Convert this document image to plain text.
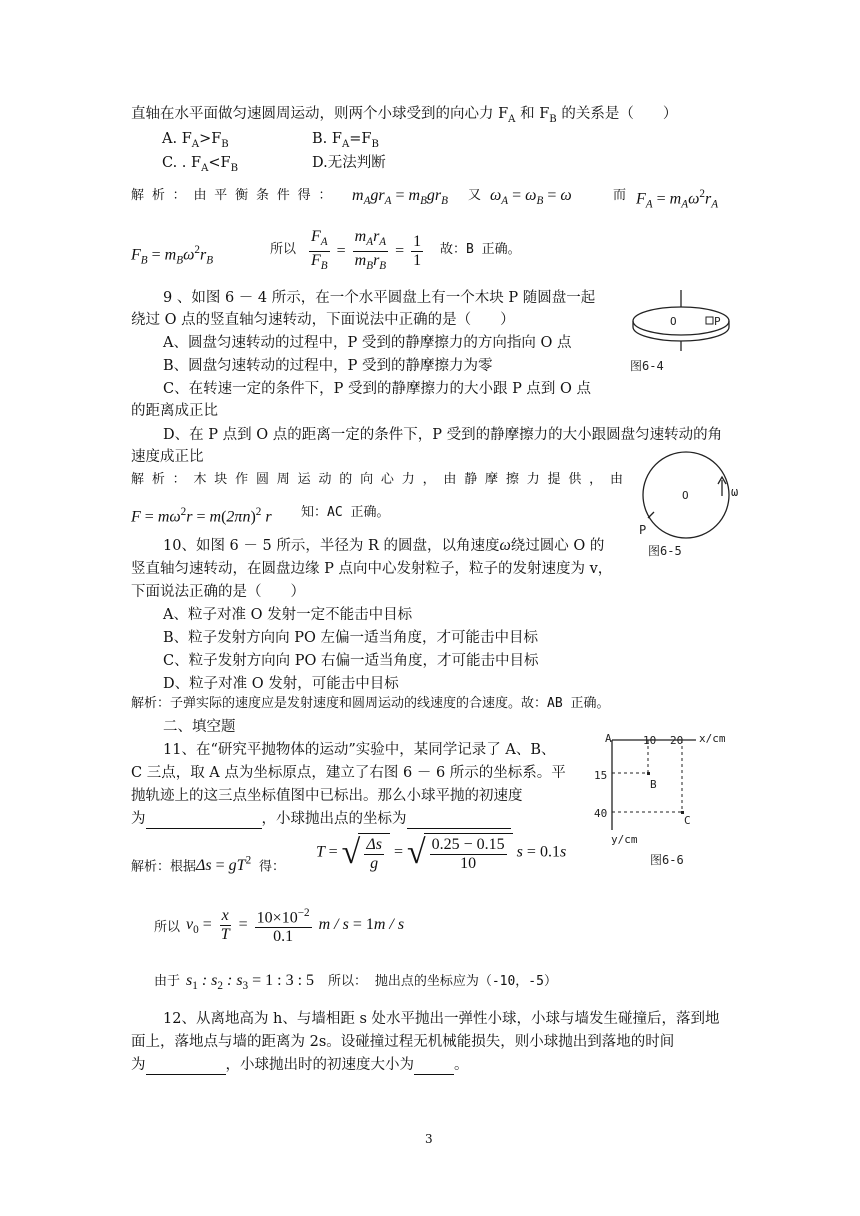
直轴在水平面做匀速圆周运动，则两个小球受到的向心力 $F_A$ 和 $F_B$ 的关系是（　　）
A. $F_A>F_B$	B. $F_A=F_B$
C. . $F_A<F_B$	D.无法判断
解 析 ： 由 平 衡 条 件 得 ： $m_Agr_A = m_Bgr_B$ 又 $\omega_A = \omega_B = \omega$	而 $F_A = m_A\omega^2r_A$
$F_B = m_B\omega^2r_B$
所以 $\frac{F_A}{F_B} = \frac{m_Ar_A}{m_Br_B} = \frac{1}{1}$ 故：B 正确。
9 、如图 6 － 4 所示，在一个水平圆盘上有一个木块 P 随圆盘一起
绕过 O 点的竖直轴匀速转动，下面说法中正确的是（　　）
A、圆盘匀速转动的过程中，P 受到的静摩擦力的方向指向 O 点
B、圆盘匀速转动的过程中，P 受到的静摩擦力为零
C、在转速一定的条件下，P 受到的静摩擦力的大小跟 P 点到 O 点
的距离成正比
D、在 P 点到 O 点的距离一定的条件下，P 受到的静摩擦力的大小跟圆盘匀速转动的角
速度成正比
解 析 ： 木 块 作 圆 周 运 动 的 向 心 力 ， 由 静 摩 擦 力 提 供 ， 由
$F = m\omega^2r = m(2\pi n)^2$ r 知：AC 正确。
O	P
图6-4
10、如图 6 － 5 所示，半径为 R 的圆盘，以角速度ω绕过圆心 O 的
竖直轴匀速转动，在圆盘边缘 P 点向中心发射粒子，粒子的发射速度为 v，
下面说法正确的是（　　）
A、粒子对准 O 发射一定不能击中目标
B、粒子发射方向向 PO 左偏一适当角度，才可能击中目标
C、粒子发射方向向 PO 右偏一适当角度，才可能击中目标
D、粒子对准 O 发射，可能击中目标
解析：子弹实际的速度应是发射速度和圆周运动的线速度的合速度。故：AB 正确。
O	ω
P
图6-5
二、填空题
11、在“研究平抛物体的运动”实验中，某同学记录了 A、B、
C 三点，取 A 点为坐标原点，建立了右图 6 － 6 所示的坐标系。平
抛轨迹上的这三点坐标值图中已标出。那么小球平抛的初速度
为	，小球抛出点的坐标为
解析：根据$\Delta s = gT^2$ 得：
T = √ $\frac{\Delta s}{g}$ = √ $\frac{0.25 - 0.15}{10}$ s = 0.1s
所以 $v_0 = \frac{x}{T} = \frac{10\times 10^{-2}}{0.1}$ m / s = 1m / s
由于 $s_1$ : $s_2$ : $s_3 = 1$ : 3 : 5 所以： 抛出点的坐标应为（-10，-5）
A	10 20 x/cm
15
40
y/cm
B
C
图6-6
12、从离地高为 h、与墙相距 s 处水平抛出一弹性小球，小球与墙发生碰撞后，落到地
面上，落地点与墙的距离为 2s。设碰撞过程无机械能损失，则小球抛出到落地的时间
为	，小球抛出时的初速度大小为	。
3
